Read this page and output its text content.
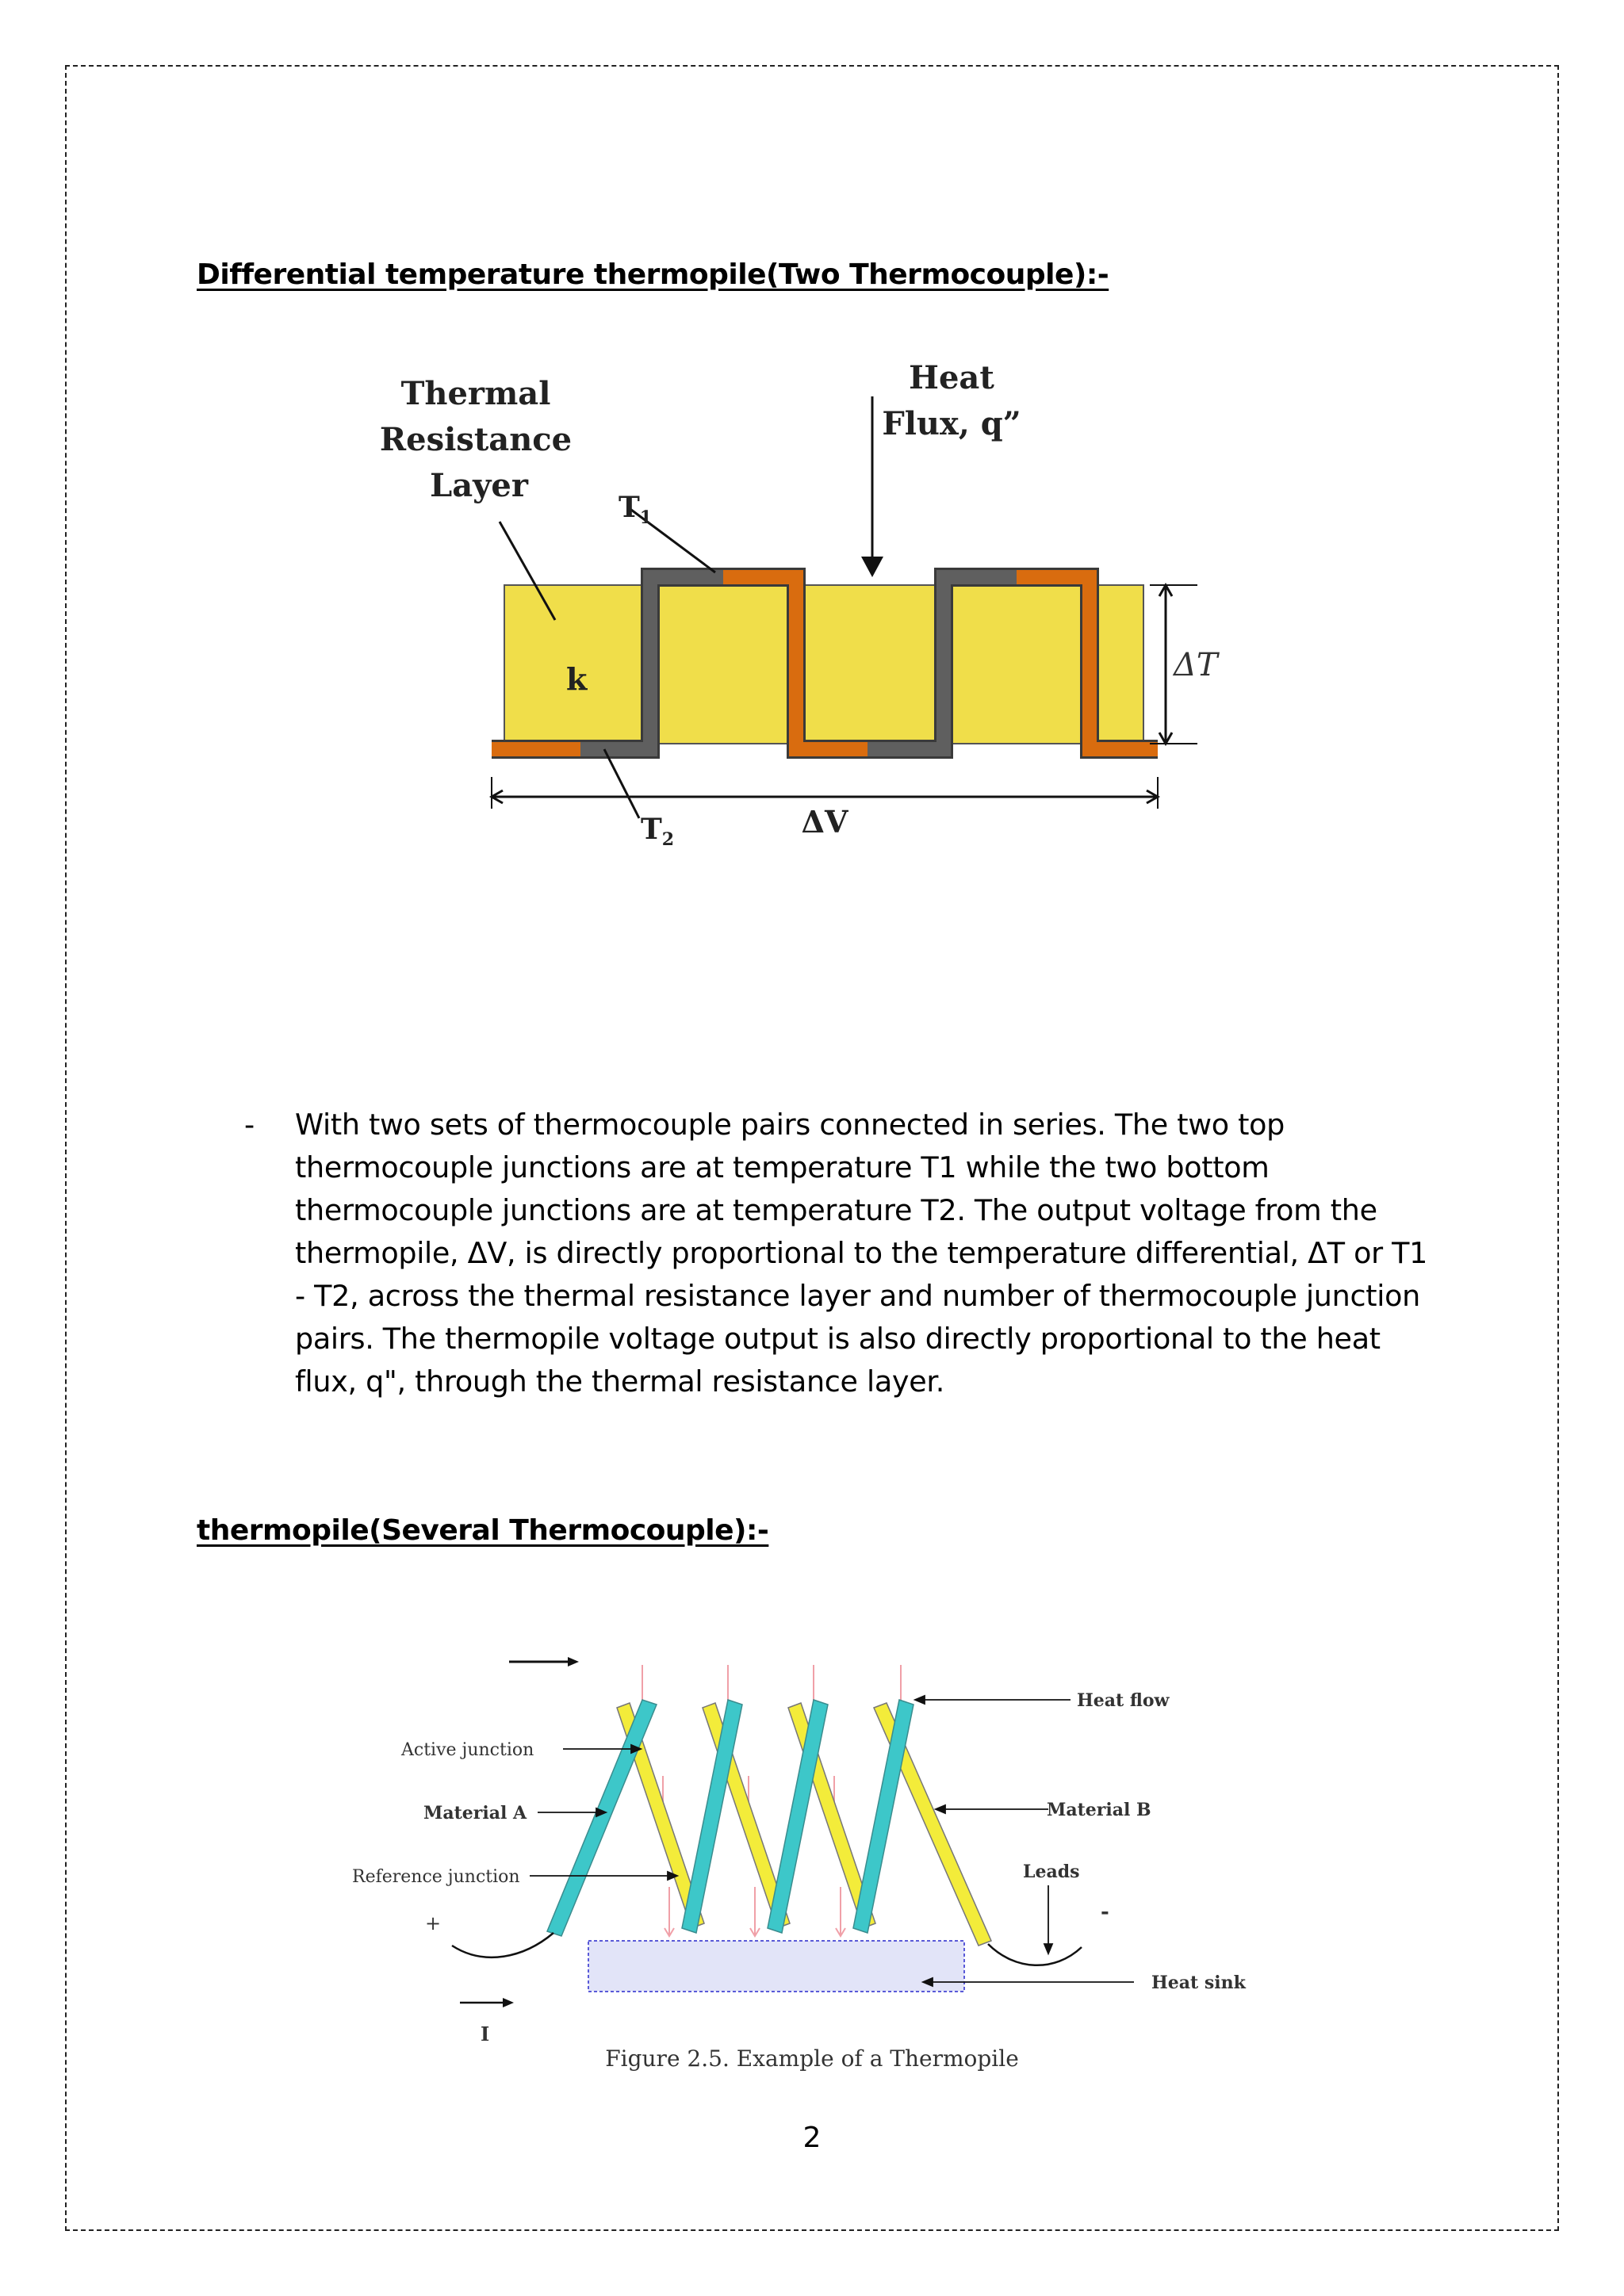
Differential temperature thermopile(Two Thermocouple):-
Thermal
Resistance
Layer
Heat
Flux, q”
$T_1$
$T_2$
k
ΔV
ΔT
- With two sets of thermocouple pairs connected in series. The two top thermocouple junctions are at temperature T1 while the two bottom thermocouple junctions are at temperature T2. The output voltage from the thermopile, ΔV, is directly proportional to the temperature differential, ΔT or T1 - T2, across the thermal resistance layer and number of thermocouple junction pairs. The thermopile voltage output is also directly proportional to the heat flux, q", through the thermal resistance layer.
thermopile(Several Thermocouple):-
Active junction
Material A
Reference junction
Heat flow
Material B
Leads
Heat sink
+	-
I
Figure 2.5. Example of a Thermopile
2
